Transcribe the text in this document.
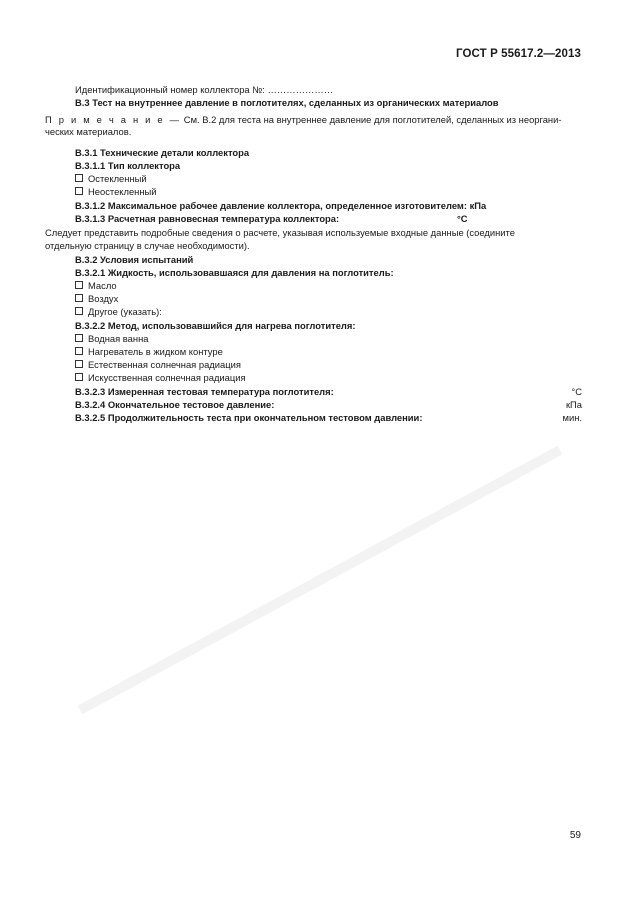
ГОСТ Р 55617.2—2013
Идентификационный номер коллектора №: …………………
В.3 Тест на внутреннее давление в поглотителях, сделанных из органических материалов
П р и м е ч а н и е — См. В.2 для теста на внутреннее давление для поглотителей, сделанных из неоргани-
ческих материалов.
В.3.1 Технические детали коллектора
В.3.1.1 Тип коллектора
Остекленный
Неостекленный
В.3.1.2 Максимальное рабочее давление коллектора, определенное изготовителем: кПа
В.3.1.3 Расчетная равновесная температура коллектора:	°С
Следует представить подробные сведения о расчете, указывая используемые входные данные (соедините
отдельную страницу в случае необходимости).
В.3.2 Условия испытаний
В.3.2.1 Жидкость, использовавшаяся для давления на поглотитель:
Масло
Воздух
Другое (указать):
В.3.2.2 Метод, использовавшийся для нагрева поглотителя:
Водная ванна
Нагреватель в жидком контуре
Естественная солнечная радиация
Искусственная солнечная радиация
В.3.2.3 Измеренная тестовая температура поглотителя:	°С
В.3.2.4 Окончательное тестовое давление:	кПа
В.3.2.5 Продолжительность теста при окончательном тестовом давлении:	мин.
59
